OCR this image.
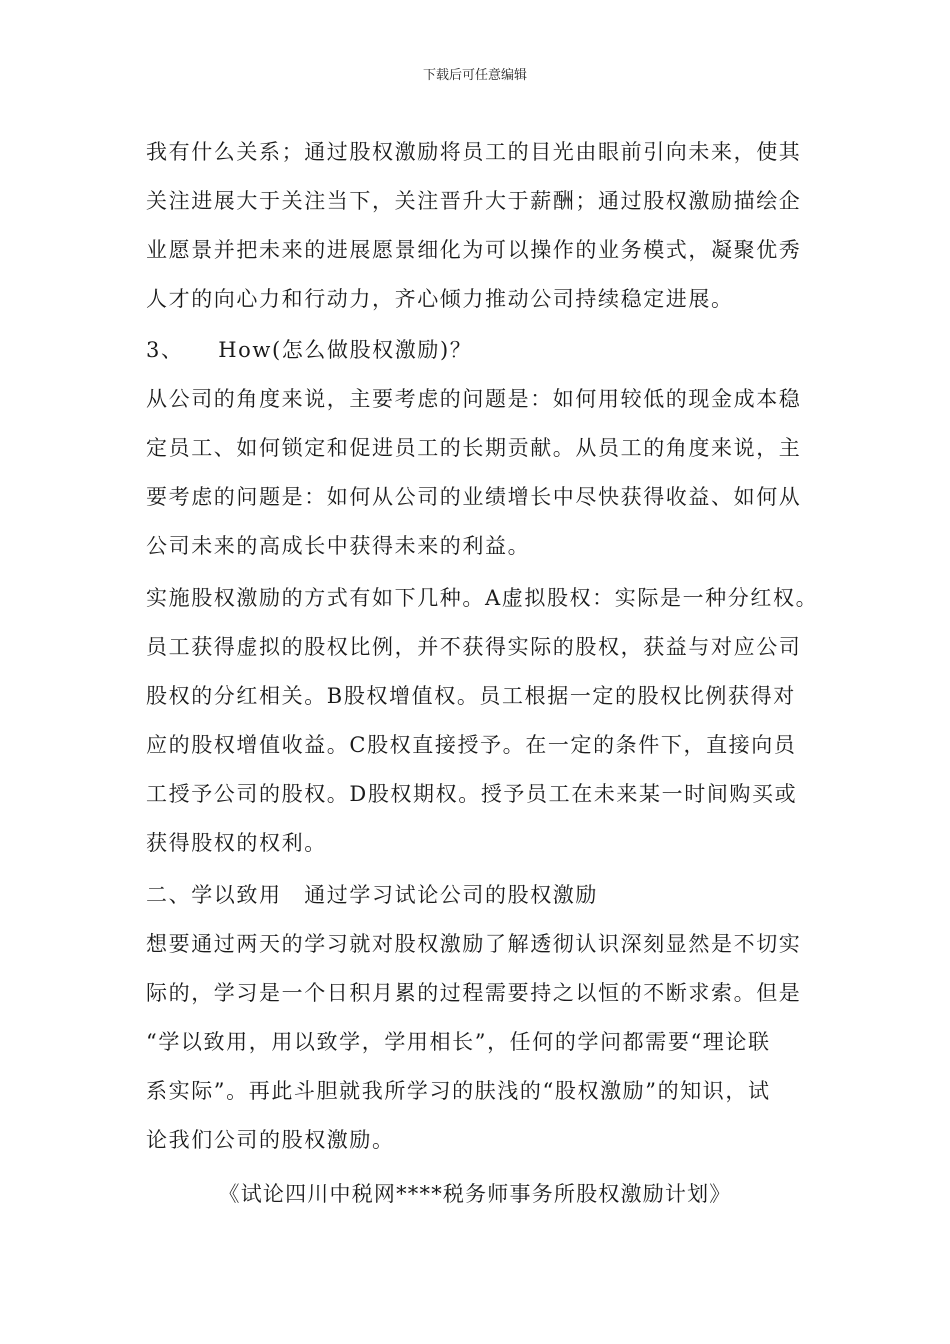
下载后可任意编辑
我有什么关系；通过股权激励将员工的目光由眼前引向未来，使其
关注进展大于关注当下，关注晋升大于薪酬；通过股权激励描绘企
业愿景并把未来的进展愿景细化为可以操作的业务模式，凝聚优秀
人才的向心力和行动力，齐心倾力推动公司持续稳定进展。
3、　　How(怎么做股权激励)？
从公司的角度来说，主要考虑的问题是：如何用较低的现金成本稳
定员工、如何锁定和促进员工的长期贡献。从员工的角度来说，主
要考虑的问题是：如何从公司的业绩增长中尽快获得收益、如何从
公司未来的高成长中获得未来的利益。
实施股权激励的方式有如下几种。A虚拟股权：实际是一种分红权。
员工获得虚拟的股权比例，并不获得实际的股权，获益与对应公司
股权的分红相关。B股权增值权。员工根据一定的股权比例获得对
应的股权增值收益。C股权直接授予。在一定的条件下，直接向员
工授予公司的股权。D股权期权。授予员工在未来某一时间购买或
获得股权的权利。
二、学以致用　通过学习试论公司的股权激励
想要通过两天的学习就对股权激励了解透彻认识深刻显然是不切实
际的，学习是一个日积月累的过程需要持之以恒的不断求索。但是
“学以致用，用以致学，学用相长”，任何的学问都需要“理论联
系实际”。再此斗胆就我所学习的肤浅的“股权激励”的知识，试
论我们公司的股权激励。
《试论四川中税网****税务师事务所股权激励计划》
